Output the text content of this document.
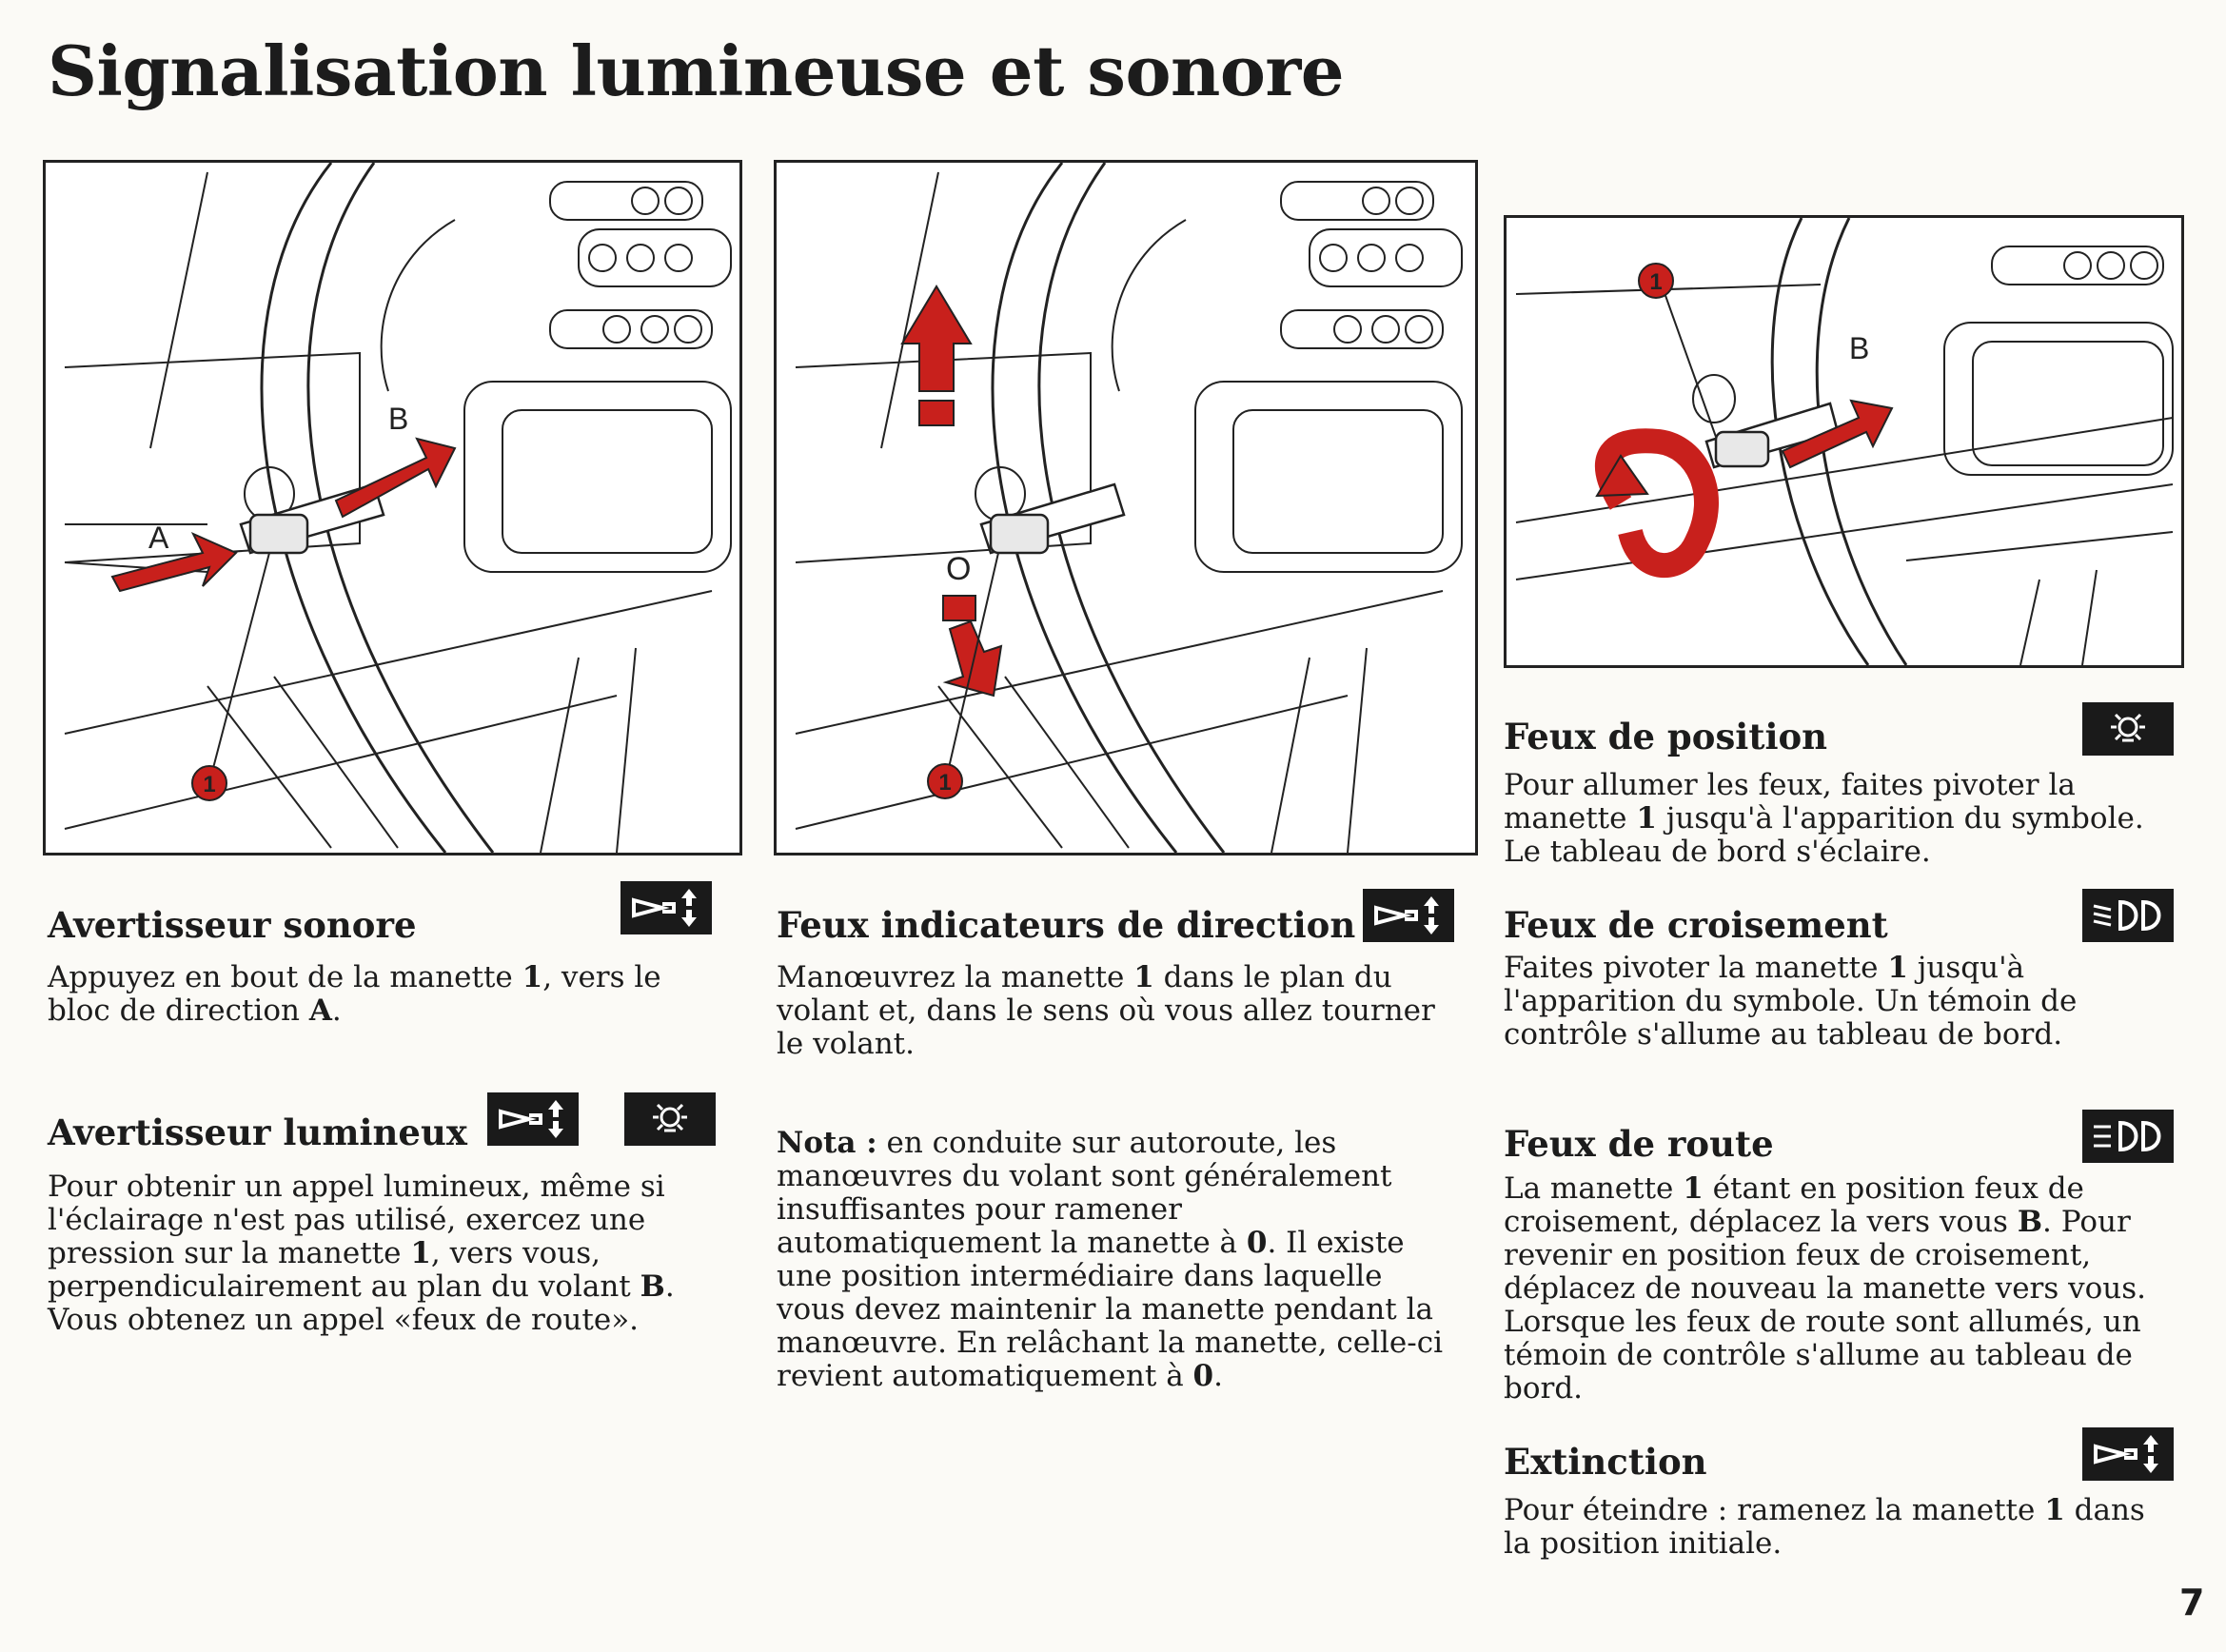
Signalisation lumineuse et sonore
1
A
B
1
O
1
B
Avertisseur sonore

Appuyez en bout de la manette 1, vers le bloc de direction A.

Avertisseur lumineux

Pour obtenir un appel lumineux, même si l'éclairage n'est pas utilisé, exercez une pression sur la manette 1, vers vous, perpendiculairement au plan du volant B. Vous obtenez un appel «feux de route».

Feux indicateurs de direction

Manœuvrez la manette 1 dans le plan du volant et, dans le sens où vous allez tourner le volant.

Nota : en conduite sur autoroute, les manœuvres du volant sont généralement insuffisantes pour ramener automatiquement la manette à 0. Il existe une position intermédiaire dans laquelle vous devez maintenir la manette pendant la manœuvre. En relâchant la manette, celle-ci revient automatiquement à 0.

Feux de position

Pour allumer les feux, faites pivoter la manette 1 jusqu'à l'apparition du symbole. Le tableau de bord s'éclaire.

Feux de croisement

Faites pivoter la manette 1 jusqu'à l'apparition du symbole. Un témoin de contrôle s'allume au tableau de bord.

Feux de route

La manette 1 étant en position feux de croisement, déplacez la vers vous B. Pour revenir en position feux de croisement, déplacez de nouveau la manette vers vous. Lorsque les feux de route sont allumés, un témoin de contrôle s'allume au tableau de bord.

Extinction

Pour éteindre : ramenez la manette 1 dans la position initiale.

7
